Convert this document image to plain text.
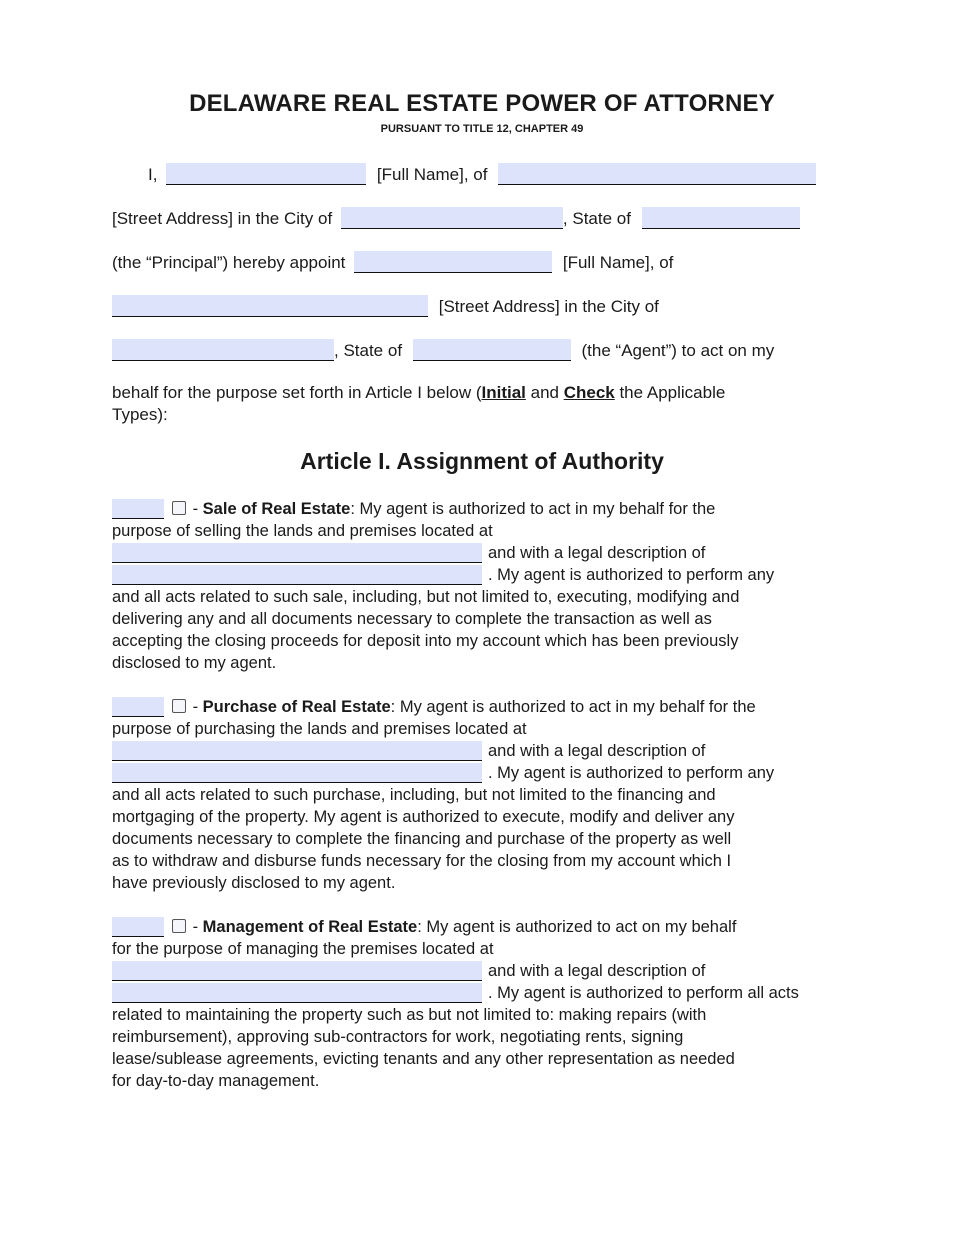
DELAWARE REAL ESTATE POWER OF ATTORNEY
PURSUANT TO TITLE 12, CHAPTER 49
I,	[Full Name], of
[Street Address] in the City of	, State of
(the “Principal”) hereby appoint	[Full Name], of
[Street Address] in the City of
, State of	(the “Agent”) to act on my
behalf for the purpose set forth in Article I below (Initial and Check the Applicable
Types):
Article I. Assignment of Authority
- Sale of Real Estate: My agent is authorized to act in my behalf for the
purpose of selling the lands and premises located at
and with a legal description of
. My agent is authorized to perform any
and all acts related to such sale, including, but not limited to, executing, modifying and
delivering any and all documents necessary to complete the transaction as well as
accepting the closing proceeds for deposit into my account which has been previously
disclosed to my agent.
- Purchase of Real Estate: My agent is authorized to act in my behalf for the
purpose of purchasing the lands and premises located at
and with a legal description of
. My agent is authorized to perform any
and all acts related to such purchase, including, but not limited to the financing and
mortgaging of the property. My agent is authorized to execute, modify and deliver any
documents necessary to complete the financing and purchase of the property as well
as to withdraw and disburse funds necessary for the closing from my account which I
have previously disclosed to my agent.
- Management of Real Estate: My agent is authorized to act on my behalf
for the purpose of managing the premises located at
and with a legal description of
. My agent is authorized to perform all acts
related to maintaining the property such as but not limited to: making repairs (with
reimbursement), approving sub-contractors for work, negotiating rents, signing
lease/sublease agreements, evicting tenants and any other representation as needed
for day-to-day management.
